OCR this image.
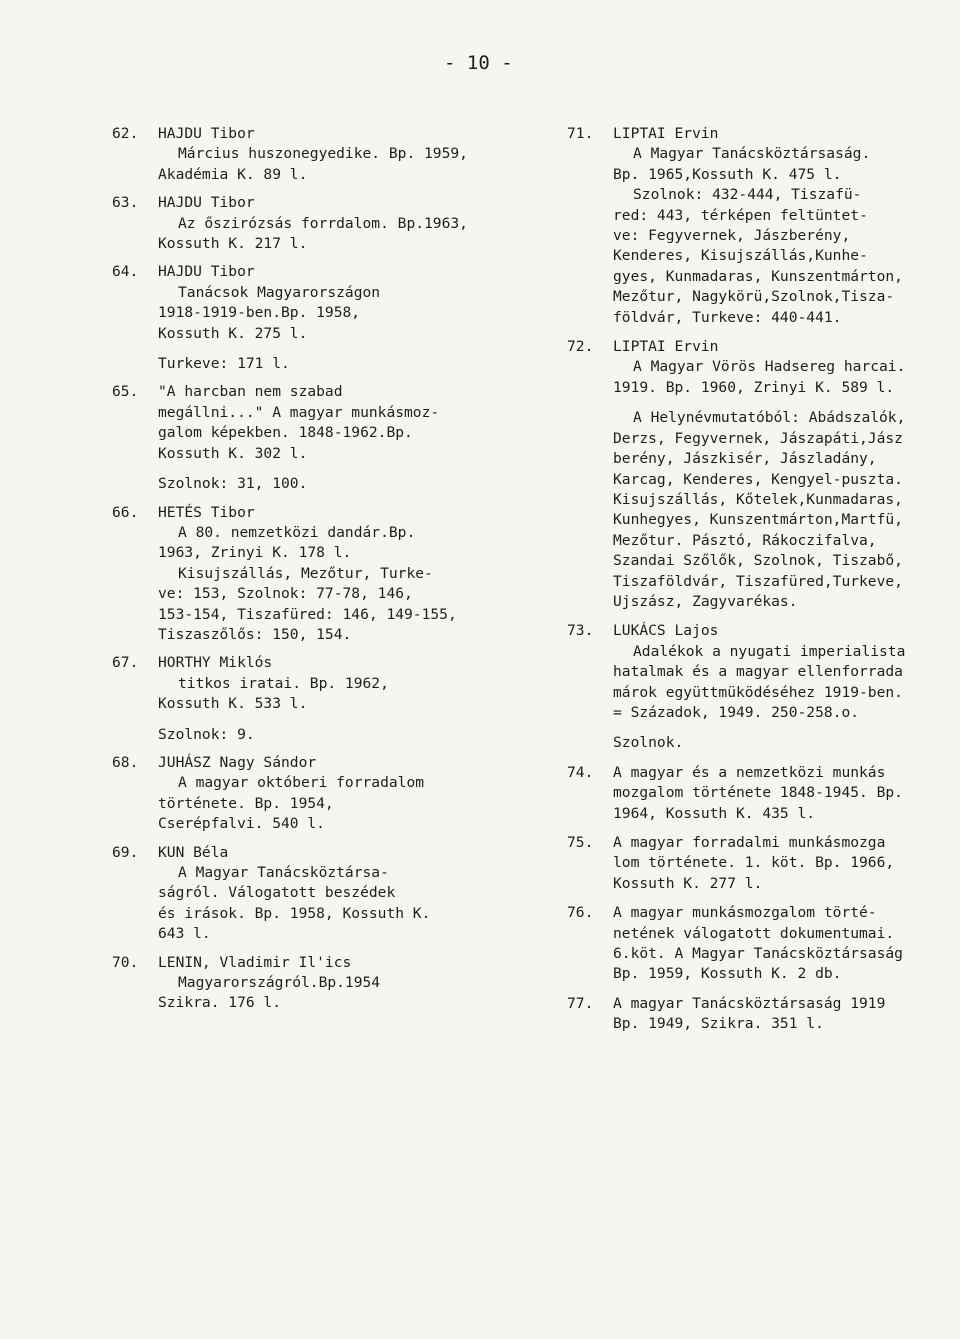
- 10 -
62. HAJDU Tibor
Március huszonegyedike. Bp. 1959,
Akadémia K. 89 l.
63. HAJDU Tibor
Az őszirózsás forrdalom. Bp.1963,
Kossuth K. 217 l.
64. HAJDU Tibor
Tanácsok Magyarországon
1918-1919-ben.Bp. 1958,
Kossuth K. 275 l.
Turkeve: 171 l.
65. "A harcban nem szabad
megállni..." A magyar munkásmoz-
galom képekben. 1848-1962.Bp.
Kossuth K. 302 l.
Szolnok: 31, 100.
66. HETÉS Tibor
A 80. nemzetközi dandár.Bp.
1963, Zrinyi K. 178 l.
Kisujszállás, Mezőtur, Turke-
ve: 153, Szolnok: 77-78, 146,
153-154, Tiszafüred: 146, 149-155,
Tiszaszőlős: 150, 154.
67. HORTHY Miklós
titkos iratai. Bp. 1962,
Kossuth K. 533 l.
Szolnok: 9.
68. JUHÁSZ Nagy Sándor
A magyar októberi forradalom
története. Bp. 1954,
Cserépfalvi. 540 l.
69. KUN Béla
A Magyar Tanácsköztársa-
ságról. Válogatott beszédek
és irások. Bp. 1958, Kossuth K.
643 l.
70. LENIN, Vladimir Il'ics
Magyarországról.Bp.1954
Szikra. 176 l.
71. LIPTAI Ervin
A Magyar Tanácsköztársaság.
Bp. 1965,Kossuth K. 475 l.
Szolnok: 432-444, Tiszafü-
red: 443, térképen feltüntet-
ve: Fegyvernek, Jászberény,
Kenderes, Kisujszállás,Kunhe-
gyes, Kunmadaras, Kunszentmárton,
Mezőtur, Nagykörü,Szolnok,Tisza-
földvár, Turkeve: 440-441.
72. LIPTAI Ervin
A Magyar Vörös Hadsereg harcai.
1919. Bp. 1960, Zrinyi K. 589 l.
A Helynévmutatóból: Abádszalók,
Derzs, Fegyvernek, Jászapáti,Jász
berény, Jászkisér, Jászladány,
Karcag, Kenderes, Kengyel-puszta.
Kisujszállás, Kőtelek,Kunmadaras,
Kunhegyes, Kunszentmárton,Martfü,
Mezőtur. Pásztó, Rákoczifalva,
Szandai Szőlők, Szolnok, Tiszabő,
Tiszaföldvár, Tiszafüred,Turkeve,
Ujszász, Zagyvarékas.
73. LUKÁCS Lajos
Adalékok a nyugati imperialista
hatalmak és a magyar ellenforrada
márok együttmüködéséhez 1919-ben.
= Századok, 1949. 250-258.o.
Szolnok.
74. A magyar és a nemzetközi munkás
mozgalom története 1848-1945. Bp.
1964, Kossuth K. 435 l.
75. A magyar forradalmi munkásmozga
lom története. 1. köt. Bp. 1966,
Kossuth K. 277 l.
76. A magyar munkásmozgalom törté-
netének válogatott dokumentumai.
6.köt. A Magyar Tanácsköztársaság
Bp. 1959, Kossuth K. 2 db.
77. A magyar Tanácsköztársaság 1919
Bp. 1949, Szikra. 351 l.
